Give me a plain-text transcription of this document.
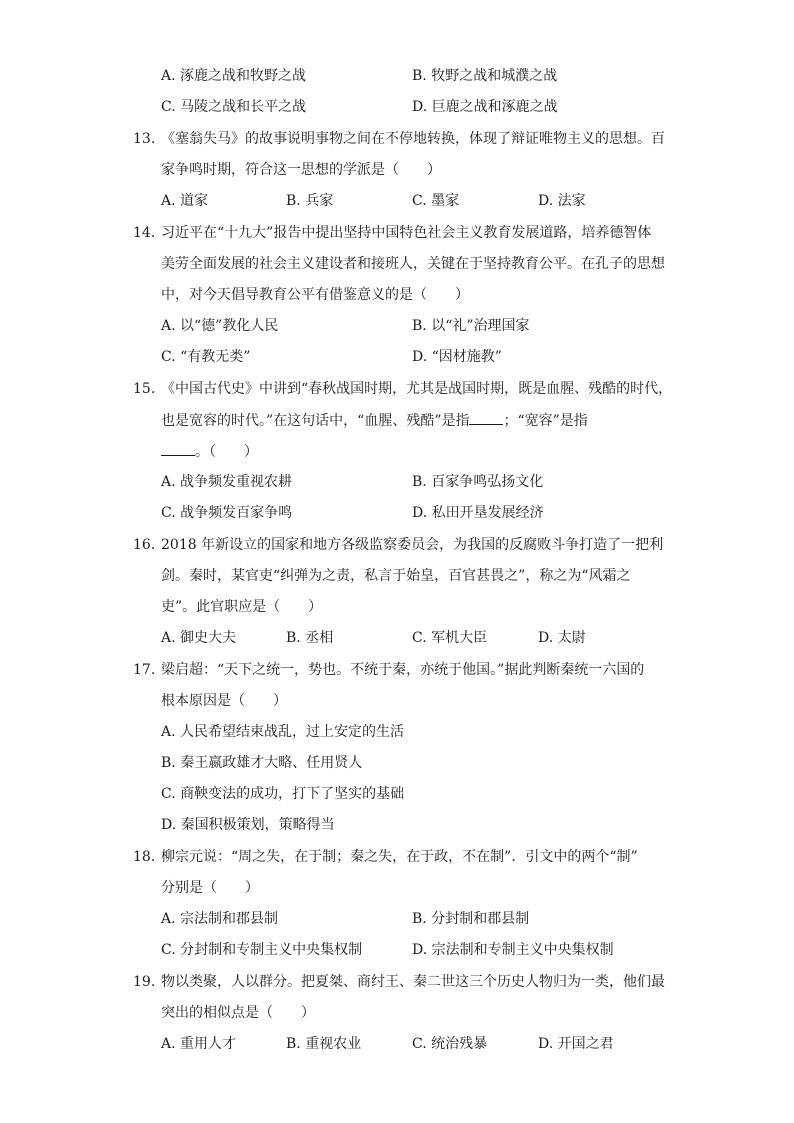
A. 涿鹿之战和牧野之战	B. 牧野之战和城濮之战
C. 马陵之战和长平之战	D. 巨鹿之战和涿鹿之战
13. 《塞翁失马》的故事说明事物之间在不停地转换，体现了辩证唯物主义的思想。百
家争鸣时期，符合这一思想的学派是（　　）
A. 道家	B. 兵家	C. 墨家	D. 法家
14. 习近平在“十九大”报告中提出坚持中国特色社会主义教育发展道路，培养德智体
美劳全面发展的社会主义建设者和接班人，关键在于坚持教育公平。在孔子的思想
中，对今天倡导教育公平有借鉴意义的是（　　）
A. 以“德”教化人民	B. 以“礼”治理国家
C. “有教无类”	D. “因材施教”
15. 《中国古代史》中讲到“春秋战国时期，尤其是战国时期，既是血腥、残酷的时代，
也是宽容的时代。”在这句话中，“血腥、残酷”是指 ；“宽容”是指
。（　　）
A. 战争频发重视农耕	B. 百家争鸣弘扬文化
C. 战争频发百家争鸣	D. 私田开垦发展经济
16. 2018 年新设立的国家和地方各级监察委员会，为我国的反腐败斗争打造了一把利
剑。秦时，某官吏“纠弹为之责，私言于始皇，百官甚畏之”，称之为“风霜之
吏”。此官职应是（　　）
A. 御史大夫	B. 丞相	C. 军机大臣	D. 太尉
17. 梁启超：“天下之统一，势也。不统于秦，亦统于他国。”据此判断秦统一六国的
根本原因是（　　）
A. 人民希望结束战乱，过上安定的生活
B. 秦王嬴政雄才大略、任用贤人
C. 商鞅变法的成功，打下了坚实的基础
D. 秦国积极策划，策略得当
18. 柳宗元说：“周之失，在于制；秦之失，在于政，不在制”．引文中的两个“制”
分别是（　　）
A. 宗法制和郡县制	B. 分封制和郡县制
C. 分封制和专制主义中央集权制	D. 宗法制和专制主义中央集权制
19. 物以类聚，人以群分。把夏桀、商纣王、秦二世这三个历史人物归为一类，他们最
突出的相似点是（　　）
A. 重用人才	B. 重视农业	C. 统治残暴	D. 开国之君
